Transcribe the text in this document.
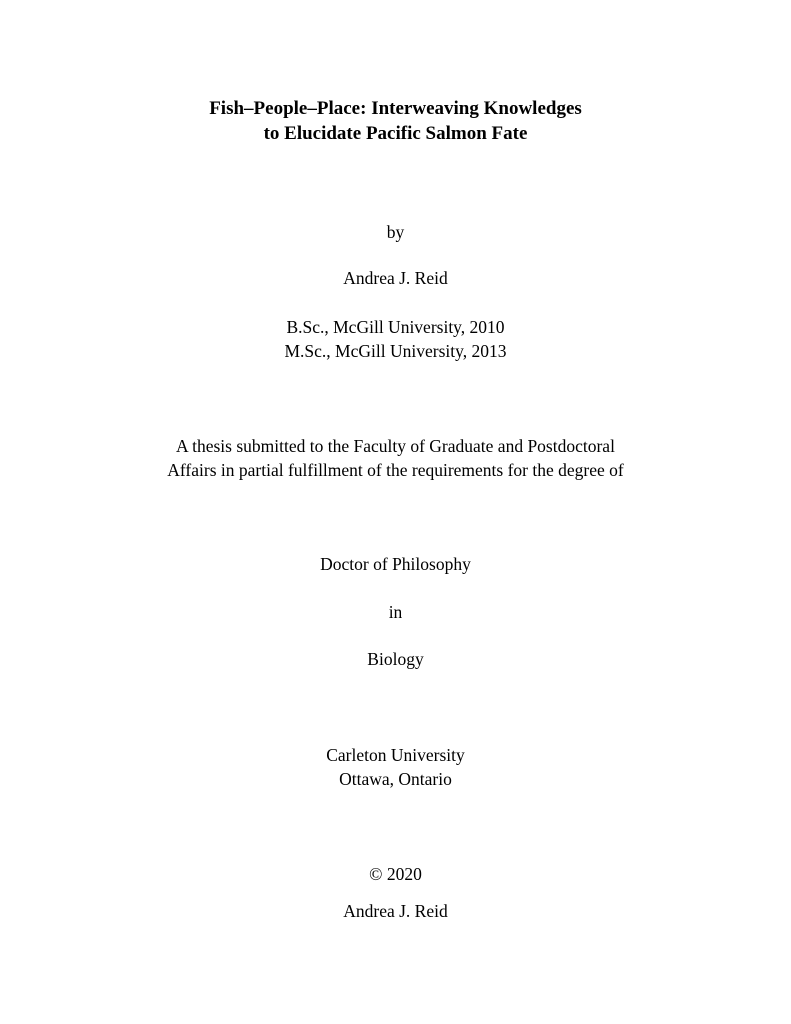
Fish–People–Place: Interweaving Knowledges
to Elucidate Pacific Salmon Fate

by

Andrea J. Reid

B.Sc., McGill University, 2010

M.Sc., McGill University, 2013

A thesis submitted to the Faculty of Graduate and Postdoctoral

Affairs in partial fulfillment of the requirements for the degree of

Doctor of Philosophy

in

Biology

Carleton University

Ottawa, Ontario

© 2020

Andrea J. Reid
